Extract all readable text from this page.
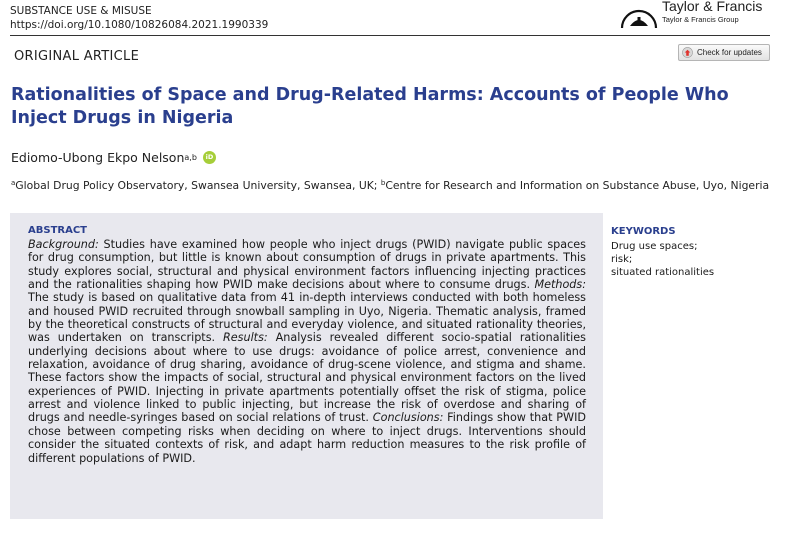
SUBSTANCE USE & MISUSE
https://doi.org/10.1080/10826084.2021.1990339
Taylor & Francis
Taylor & Francis Group
ORIGINAL ARTICLE	Check for updates
Rationalities of Space and Drug-Related Harms: Accounts of People Who Inject Drugs in Nigeria
Ediomo-Ubong Ekpo Nelson a,b	iD
$^a$Global Drug Policy Observatory, Swansea University, Swansea, UK; $^b$Centre for Research and Information on Substance Abuse, Uyo, Nigeria
ABSTRACT

Background: Studies have examined how people who inject drugs (PWID) navigate public spaces for drug consumption, but little is known about consumption of drugs in private apartments. This study explores social, structural and physical environment factors influencing injecting practices and the rationalities shaping how PWID make decisions about where to consume drugs. Methods: The study is based on qualitative data from 41 in-depth interviews conducted with both homeless and housed PWID recruited through snowball sampling in Uyo, Nigeria. Thematic analysis, framed by the theoretical constructs of structural and everyday violence, and situated rationality theories, was undertaken on transcripts. Results: Analysis revealed different socio-spatial rationalities underlying decisions about where to use drugs: avoidance of police arrest, convenience and relaxation, avoidance of drug sharing, avoidance of drug-scene violence, and stigma and shame. These factors show the impacts of social, structural and physical environment factors on the lived experiences of PWID. Injecting in private apartments potentially offset the risk of stigma, police arrest and violence linked to public injecting, but increase the risk of overdose and sharing of drugs and needle-syringes based on social relations of trust. Conclusions: Findings show that PWID chose between competing risks when deciding on where to inject drugs. Interventions should consider the situated contexts of risk, and adapt harm reduction measures to the risk profile of different populations of PWID.

KEYWORDS
Drug use spaces;
risk;
situated rationalities
